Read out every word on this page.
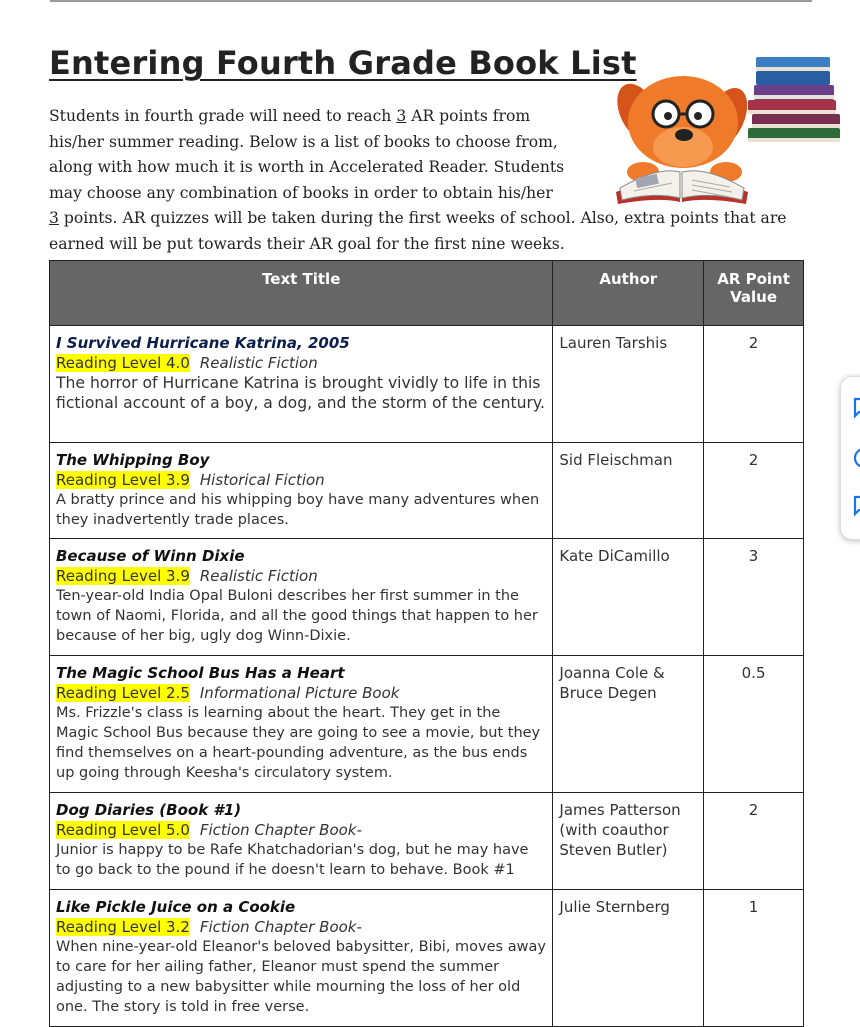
Entering Fourth Grade Book List
Students in fourth grade will need to reach 3 AR points from
his/her summer reading. Below is a list of books to choose from,
along with how much it is worth in Accelerated Reader. Students
may choose any combination of books in order to obtain his/her
3 points. AR quizzes will be taken during the first weeks of school. Also, extra points that are
earned will be put towards their AR goal for the first nine weeks.
Text Title	Author	AR Point
Value

I Survived Hurricane Katrina, 2005
Reading Level 4.0 Realistic Fiction
The horror of Hurricane Katrina is brought vividly to life in this fictional account of a boy, a dog, and the storm of the century.	Lauren Tarshis	2

The Whipping Boy
Reading Level 3.9 Historical Fiction
A bratty prince and his whipping boy have many adventures when they inadvertently trade places.	Sid Fleischman	2

Because of Winn Dixie
Reading Level 3.9 Realistic Fiction
Ten-year-old India Opal Buloni describes her first summer in the town of Naomi, Florida, and all the good things that happen to her because of her big, ugly dog Winn-Dixie.	Kate DiCamillo	3

The Magic School Bus Has a Heart
Reading Level 2.5 Informational Picture Book
Ms. Frizzle's class is learning about the heart. They get in the Magic School Bus because they are going to see a movie, but they find themselves on a heart-pounding adventure, as the bus ends up going through Keesha's circulatory system.	Joanna Cole & Bruce Degen	0.5

Dog Diaries (Book #1)
Reading Level 5.0 Fiction Chapter Book-
Junior is happy to be Rafe Khatchadorian's dog, but he may have to go back to the pound if he doesn't learn to behave. Book #1	James Patterson (with coauthor Steven Butler)	2

Like Pickle Juice on a Cookie
Reading Level 3.2 Fiction Chapter Book-
When nine-year-old Eleanor's beloved babysitter, Bibi, moves away to care for her ailing father, Eleanor must spend the summer adjusting to a new babysitter while mourning the loss of her old one. The story is told in free verse.	Julie Sternberg	1
